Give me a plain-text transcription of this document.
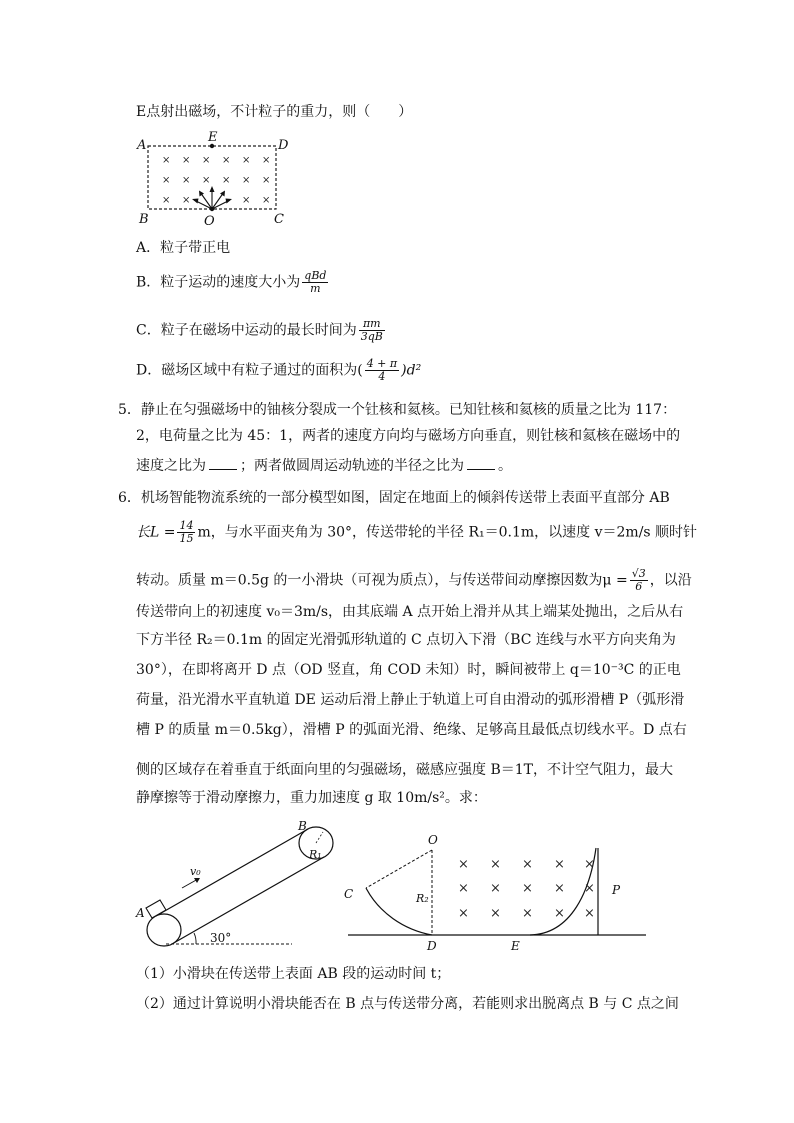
E点射出磁场，不计粒子的重力，则（　　）
× × × × × ×
× × × × × ×
× ×	× ×
A	D
E
B	O	C
A．粒子带正电
B．粒子运动的速度大小为 $\frac{\text{qBd}}{m}$
C．粒子在磁场中运动的最长时间为 $\frac{\pi m}{3qB}$
D．磁场区域中有粒子通过的面积为( $\frac{4 + \pi}{4} )d^2$
5．静止在匀强磁场中的铀核分裂成一个钍核和氦核。已知钍核和氦核的质量之比为 117：
2，电荷量之比为 45：1，两者的速度方向均与磁场方向垂直，则钍核和氦核在磁场中的
速度之比为 ；两者做圆周运动轨迹的半径之比为 。
6．机场智能物流系统的一部分模型如图，固定在地面上的倾斜传送带上表面平直部分 AB
长$L = \frac{14}{15}$ m，与水平面夹角为 30°，传送带轮的半径 R₁＝0.1m，以速度 v＝2m/s 顺时针
转动。质量 m＝0.5g 的一小滑块（可视为质点），与传送带间动摩擦因数为$\mu = \frac{√3}{6}$ ，以沿
传送带向上的初速度 v₀＝3m/s，由其底端 A 点开始上滑并从其上端某处抛出，之后从右
下方半径 R₂＝0.1m 的固定光滑弧形轨道的 C 点切入下滑（BC 连线与水平方向夹角为
30°），在即将离开 D 点（OD 竖直，角 COD 未知）时，瞬间被带上 q＝10⁻³C 的正电
荷量，沿光滑水平直轨道 DE 运动后滑上静止于轨道上可自由滑动的弧形滑槽 P（弧形滑
槽 P 的质量 m＝0.5kg），滑槽 P 的弧面光滑、绝缘、足够高且最低点切线水平。D 点右
侧的区域存在着垂直于纸面向里的匀强磁场，磁感应强度 B＝1T，不计空气阻力，最大
静摩擦等于滑动摩擦力，重力加速度 g 取 10m/s²。求：
B
R₁
v₀
A
30°
× × × × ×
× × × × ×
× × × × ×
O
C	R₂
D	E
P
（1）小滑块在传送带上表面 AB 段的运动时间 t；
（2）通过计算说明小滑块能否在 B 点与传送带分离，若能则求出脱离点 B 与 C 点之间
